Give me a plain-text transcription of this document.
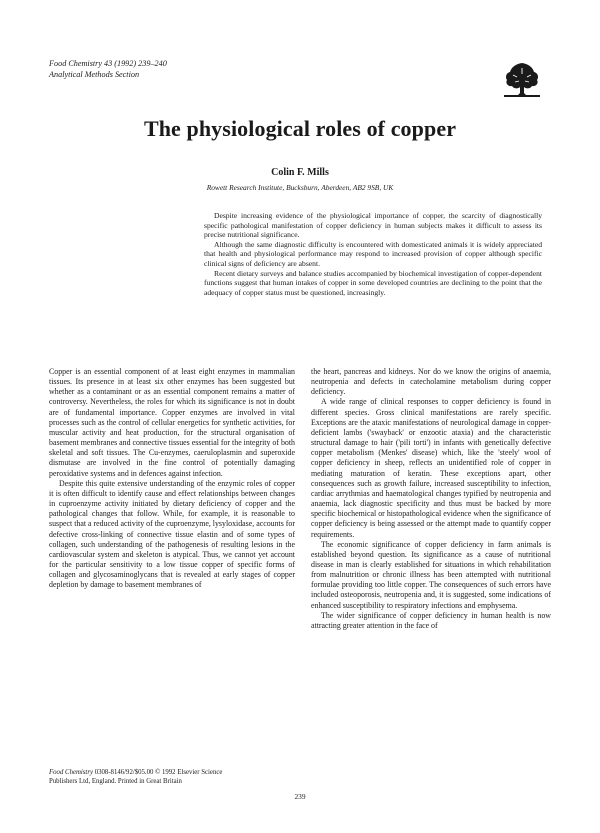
Food Chemistry 43 (1992) 239–240
Analytical Methods Section
The physiological roles of copper
Colin F. Mills
Rowett Research Institute, Bucksburn, Aberdeen, AB2 9SB, UK

Despite increasing evidence of the physiological importance of copper, the scarcity of diagnostically specific pathological manifestation of copper deficiency in human subjects makes it difficult to assess its precise nutritional significance.

Although the same diagnostic difficulty is encountered with domesticated animals it is widely appreciated that health and physiological performance may respond to increased provision of copper although specific clinical signs of deficiency are absent.

Recent dietary surveys and balance studies accompanied by biochemical investigation of copper-dependent functions suggest that human intakes of copper in some developed countries are declining to the point that the adequacy of copper status must be questioned, increasingly.

Copper is an essential component of at least eight enzymes in mammalian tissues. Its presence in at least six other enzymes has been suggested but whether as a contaminant or as an essential component remains a matter of controversy. Nevertheless, the roles for which its significance is not in doubt are of fundamental importance. Copper enzymes are involved in vital processes such as the control of cellular energetics for synthetic activities, for muscular activity and heat production, for the structural organisation of basement membranes and connective tissues essential for the integrity of both skeletal and soft tissues. The Cu-enzymes, caeruloplasmin and superoxide dismutase are involved in the fine control of potentially damaging peroxidative systems and in defences against infection.

Despite this quite extensive understanding of the enzymic roles of copper it is often difficult to identify cause and effect relationships between changes in cuproenzyme activity initiated by dietary deficiency of copper and the pathological changes that follow. While, for example, it is reasonable to suspect that a reduced activity of the cuproenzyme, lysyloxidase, accounts for defective cross-linking of connective tissue elastin and of some types of collagen, such understanding of the pathogenesis of resulting lesions in the cardiovascular system and skeleton is atypical. Thus, we cannot yet account for the particular sensitivity to a low tissue copper of specific forms of collagen and glycosaminoglycans that is revealed at early stages of copper depletion by damage to basement membranes of

the heart, pancreas and kidneys. Nor do we know the origins of anaemia, neutropenia and defects in catecholamine metabolism during copper deficiency.

A wide range of clinical responses to copper deficiency is found in different species. Gross clinical manifestations are rarely specific. Exceptions are the ataxic manifestations of neurological damage in copper-deficient lambs ('swayback' or enzootic ataxia) and the characteristic structural damage to hair ('pili torti') in infants with genetically defective copper metabolism (Menkes' disease) which, like the 'steely' wool of copper deficiency in sheep, reflects an unidentified role of copper in mediating maturation of keratin. These exceptions apart, other consequences such as growth failure, increased susceptibility to infection, cardiac arrythmias and haematological changes typified by neutropenia and anaemia, lack diagnostic specificity and thus must be backed by more specific biochemical or histopathological evidence when the significance of copper deficiency is being assessed or the attempt made to quantify copper requirements.

The economic significance of copper deficiency in farm animals is established beyond question. Its significance as a cause of nutritional disease in man is clearly established for situations in which rehabilitation from malnutrition or chronic illness has been attempted with nutritional formulae providing too little copper. The consequences of such errors have included osteoporosis, neutropenia and, it is suggested, some indications of enhanced susceptibility to respiratory infections and emphysema.

The wider significance of copper deficiency in human health is now attracting greater attention in the face of

Food Chemistry 0308-8146/92/$05.00 © 1992 Elsevier Science
Publishers Ltd, England. Printed in Great Britain
239
